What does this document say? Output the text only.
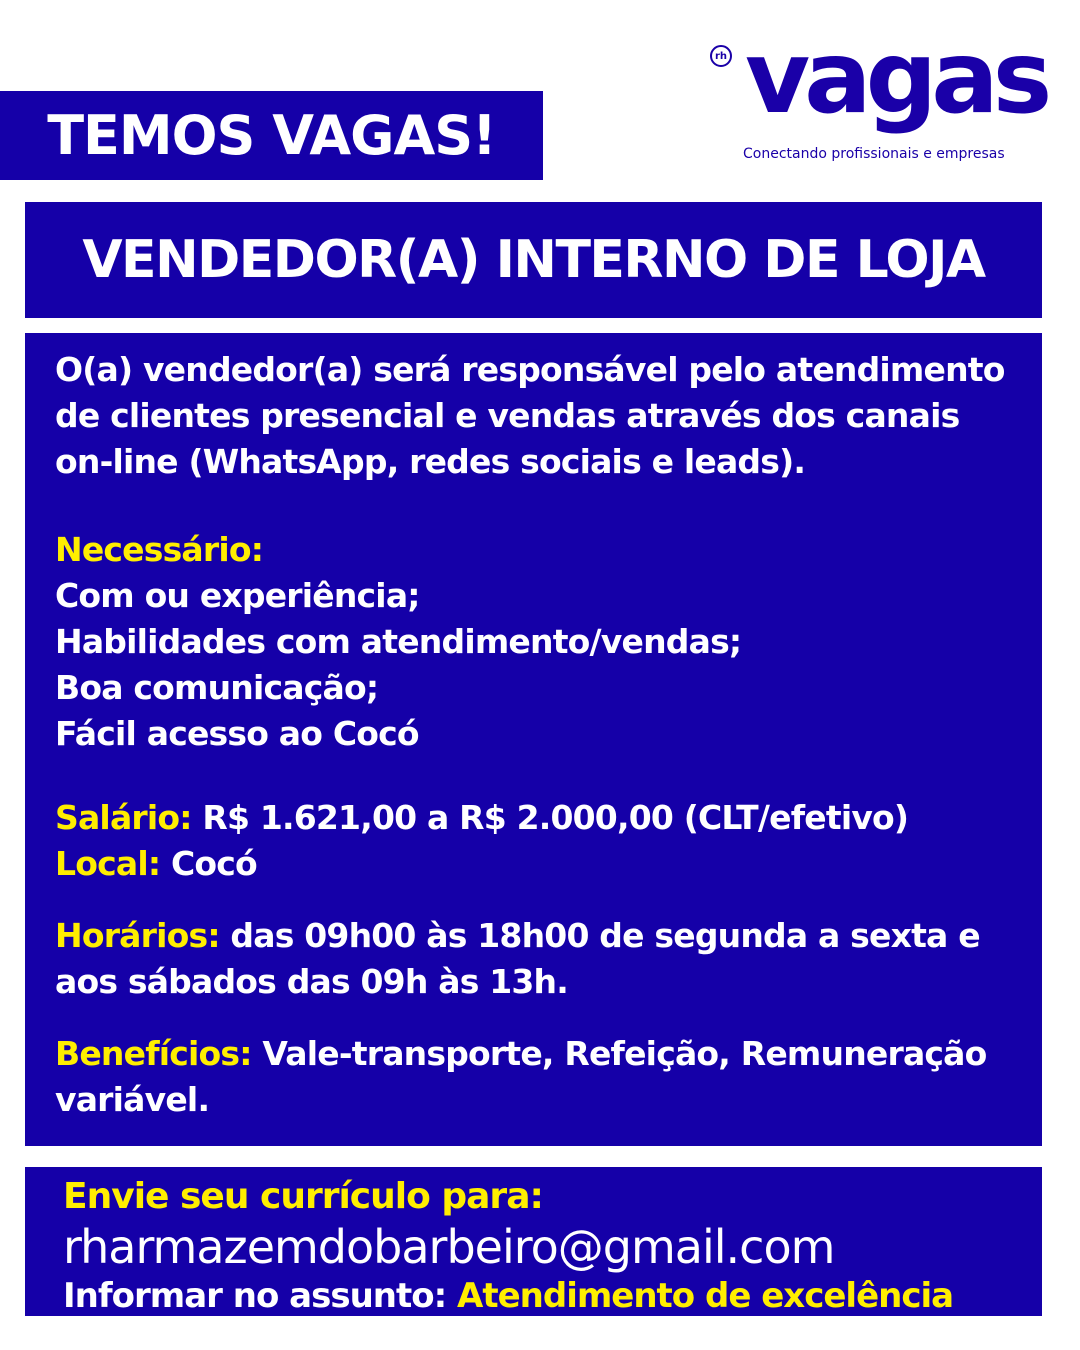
TEMOS VAGAS!
rh vagas
Conectando profissionais e empresas
VENDEDOR(A) INTERNO DE LOJA

O(a) vendedor(a) será responsável pelo atendimento

de clientes presencial e vendas através dos canais

on-line (WhatsApp, redes sociais e leads).

Necessário:

Com ou experiência;

Habilidades com atendimento/vendas;

Boa comunicação;

Fácil acesso ao Cocó

Salário: R$ 1.621,00 a R$ 2.000,00 (CLT/efetivo)

Local: Cocó

Horários: das 09h00 às 18h00 de segunda a sexta e

aos sábados das 09h às 13h.

Benefícios: Vale-transporte, Refeição, Remuneração

variável.

Envie seu currículo para:
rharmazemdobarbeiro@gmail.com
Informar no assunto: Atendimento de excelência
